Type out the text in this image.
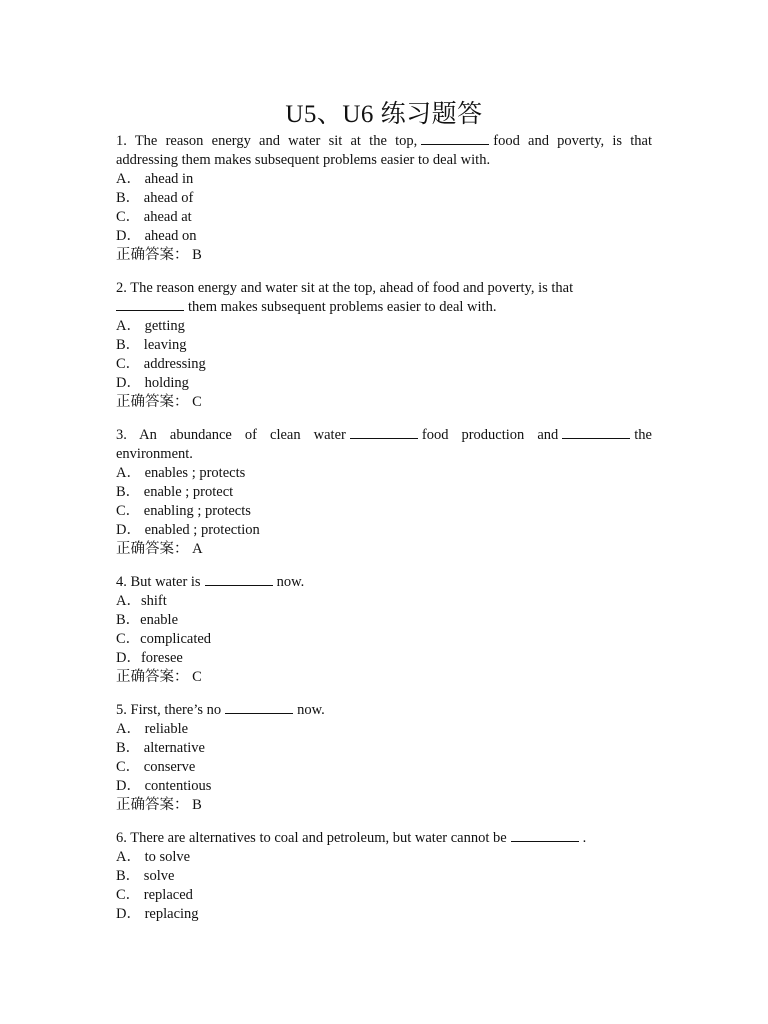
U5、U6 练习题答

1. The reason energy and water sit at the top,	food and poverty, is that addressing them makes subsequent problems easier to deal with.

A． ahead in

B． ahead of

C． ahead at

D． ahead on

正确答案： B

2. The reason energy and water sit at the top, ahead of food and poverty, is that
them makes subsequent problems easier to deal with.

A． getting

B． leaving

C． addressing

D． holding

正确答案： C

3. An abundance of clean water	food production and	the environment.

A． enables ; protects

B． enable ; protect

C． enabling ; protects

D． enabled ; protection

正确答案： A

4. But water is	now.

A．shift

B．enable

C．complicated

D．foresee

正确答案： C

5. First, there’s no	now.

A． reliable

B． alternative

C． conserve

D． contentious

正确答案： B

6. There are alternatives to coal and petroleum, but water cannot be	.

A． to solve

B． solve

C． replaced

D． replacing
